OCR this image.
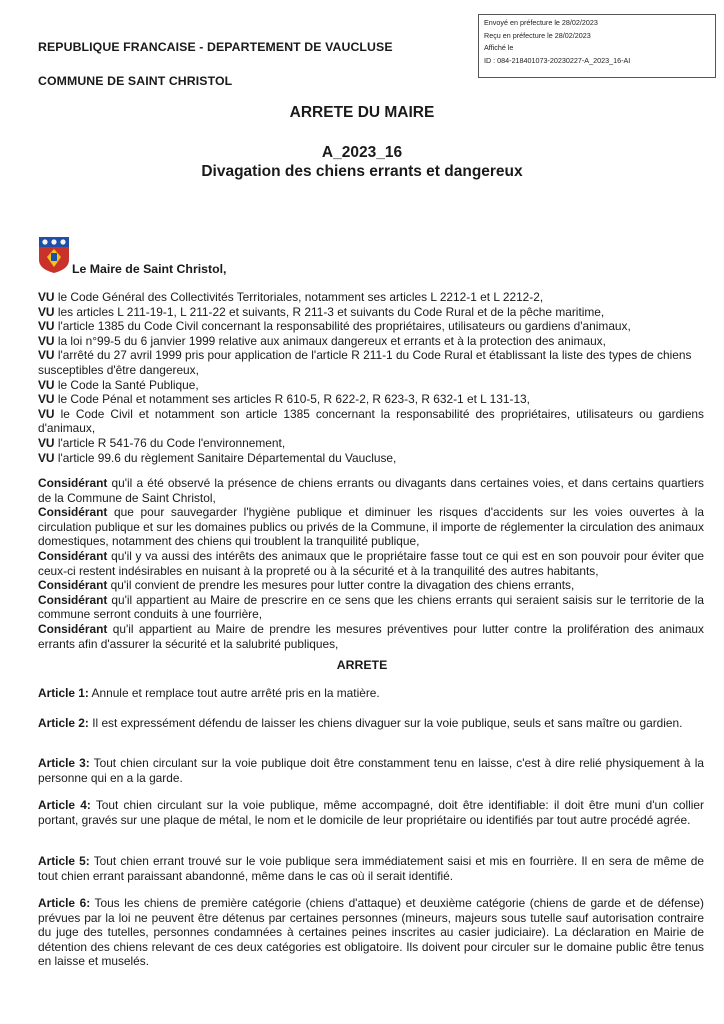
Envoyé en préfecture le 28/02/2023
Reçu en préfecture le 28/02/2023
Affiché le
ID : 084-218401073-20230227-A_2023_16-AI
REPUBLIQUE FRANCAISE - DEPARTEMENT DE VAUCLUSE
COMMUNE DE SAINT CHRISTOL
ARRETE DU MAIRE
A_2023_16
Divagation des chiens errants et dangereux
Le Maire de Saint Christol,

VU le Code Général des Collectivités Territoriales, notamment ses articles L 2212-1 et L 2212-2,

VU les articles L 211-19-1, L 211-22 et suivants, R 211-3 et suivants du Code Rural et de la pêche maritime,

VU l'article 1385 du Code Civil concernant la responsabilité des propriétaires, utilisateurs ou gardiens d'animaux,

VU la loi n°99-5 du 6 janvier 1999 relative aux animaux dangereux et errants et à la protection des animaux,

VU l'arrêté du 27 avril 1999 pris pour application de l'article R 211-1 du Code Rural et établissant la liste des types de chiens susceptibles d'être dangereux,

VU le Code la Santé Publique,

VU le Code Pénal et notamment ses articles R 610-5, R 622-2, R 623-3, R 632-1 et L 131-13,

VU le Code Civil et notamment son article 1385 concernant la responsabilité des propriétaires, utilisateurs ou gardiens d'animaux,

VU l'article R 541-76 du Code l'environnement,

VU l'article 99.6 du règlement Sanitaire Départemental du Vaucluse,

Considérant qu'il a été observé la présence de chiens errants ou divagants dans certaines voies, et dans certains quartiers de la Commune de Saint Christol,

Considérant que pour sauvegarder l'hygiène publique et diminuer les risques d'accidents sur les voies ouvertes à la circulation publique et sur les domaines publics ou privés de la Commune, il importe de réglementer la circulation des animaux domestiques, notamment des chiens qui troublent la tranquilité publique,

Considérant qu'il y va aussi des intérêts des animaux que le propriétaire fasse tout ce qui est en son pouvoir pour éviter que ceux-ci restent indésirables en nuisant à la propreté ou à la sécurité et à la tranquilité des autres habitants,

Considérant qu'il convient de prendre les mesures pour lutter contre la divagation des chiens errants,

Considérant qu'il appartient au Maire de prescrire en ce sens que les chiens errants qui seraient saisis sur le territorie de la commune serront conduits à une fourrière,

Considérant qu'il appartient au Maire de prendre les mesures préventives pour lutter contre la prolifération des animaux errants afin d'assurer la sécurité et la salubrité publiques,

ARRETE

Article 1: Annule et remplace tout autre arrêté pris en la matière.

Article 2: Il est expressément défendu de laisser les chiens divaguer sur la voie publique, seuls et sans maître ou gardien.

Article 3: Tout chien circulant sur la voie publique doit être constamment tenu en laisse, c'est à dire relié physiquement à la personne qui en a la garde.

Article 4: Tout chien circulant sur la voie publique, même accompagné, doit être identifiable: il doit être muni d'un collier portant, gravés sur une plaque de métal, le nom et le domicile de leur propriétaire ou identifiés par tout autre procédé agrée.

Article 5: Tout chien errant trouvé sur le voie publique sera immédiatement saisi et mis en fourrière. Il en sera de même de tout chien errant paraissant abandonné, même dans le cas où il serait identifié.

Article 6: Tous les chiens de première catégorie (chiens d'attaque) et deuxième catégorie (chiens de garde et de défense) prévues par la loi ne peuvent être détenus par certaines personnes (mineurs, majeurs sous tutelle sauf autorisation contraire du juge des tutelles, personnes condamnées à certaines peines inscrites au casier judiciaire). La déclaration en Mairie de détention des chiens relevant de ces deux catégories est obligatoire. Ils doivent pour circuler sur le domaine public être tenus en laisse et muselés.
